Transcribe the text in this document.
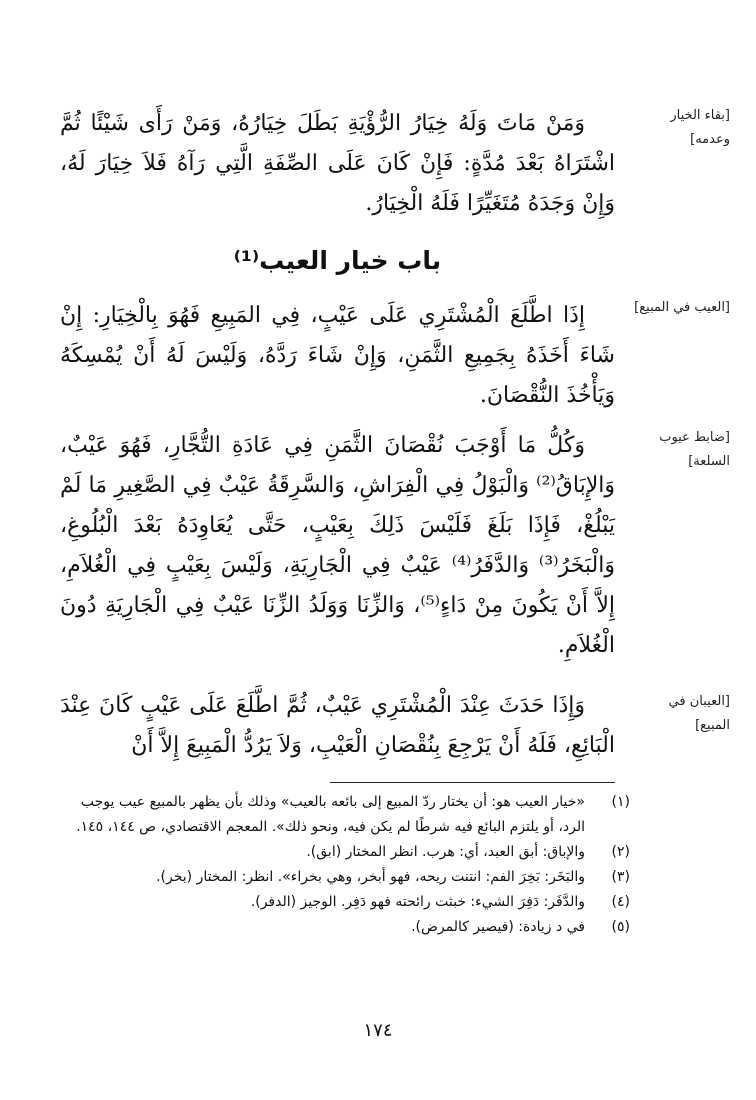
[بقاء الخيار وعدمه]
[العيب في المبيع]
[ضابط عيوب السلعة]
[العيبان في المبيع]

وَمَنْ مَاتَ وَلَهُ خِيَارُ الرُّؤْيَةِ بَطَلَ خِيَارُهُ، وَمَنْ رَأَى شَيْئًا ثُمَّ اشْتَرَاهُ بَعْدَ مُدَّةٍ: فَإِنْ كَانَ عَلَى الصِّفَةِ الَّتِي رَآهُ فَلاَ خِيَارَ لَهُ، وَإِنْ وَجَدَهُ مُتَغَيِّرًا فَلَهُ الْخِيَارُ.

باب خيار العيب⁽¹⁾

إِذَا اطَّلَعَ الْمُشْتَرِي عَلَى عَيْبٍ، فِي المَبِيعِ فَهُوَ بِالْخِيَارِ: إِنْ شَاءَ أَخَذَهُ بِجَمِيعِ الثَّمَنِ، وَإِنْ شَاءَ رَدَّهُ، وَلَيْسَ لَهُ أَنْ يُمْسِكَهُ وَيَأْخُذَ النُّقْصَانَ.

وَكُلُّ مَا أَوْجَبَ نُقْصَانَ الثَّمَنِ فِي عَادَةِ التُّجَّارِ، فَهُوَ عَيْبٌ، وَالإِبَاقُ⁽²⁾ وَالْبَوْلُ فِي الْفِرَاشِ، وَالسَّرِقَةُ عَيْبٌ فِي الصَّغِيرِ مَا لَمْ يَبْلُغْ، فَإِذَا بَلَغَ فَلَيْسَ ذَلِكَ بِعَيْبٍ، حَتَّى يُعَاوِدَهُ بَعْدَ الْبُلُوغِ، وَالْبَخَرُ⁽³⁾ وَالدَّفَرُ⁽⁴⁾ عَيْبٌ فِي الْجَارِيَةِ، وَلَيْسَ بِعَيْبٍ فِي الْغُلاَمِ، إِلاَّ أَنْ يَكُونَ مِنْ دَاءٍ⁽⁵⁾، وَالزِّنَا وَوَلَدُ الزِّنَا عَيْبٌ فِي الْجَارِيَةِ دُونَ الْغُلاَمِ.

وَإِذَا حَدَثَ عِنْدَ الْمُشْتَرِي عَيْبٌ، ثُمَّ اطَّلَعَ عَلَى عَيْبٍ كَانَ عِنْدَ الْبَائِعِ، فَلَهُ أَنْ يَرْجِعَ بِنُقْصَانِ الْعَيْبِ، وَلاَ يَرُدُّ الْمَبِيعَ إِلاَّ أَنْ

(١)
«خيار العيب هو: أن يختار ردّ المبيع إلى بائعه بالعيب» وذلك بأن يظهر بالمبيع عيب يوجب الرد، أو يلتزم البائع فيه شرطًا لم يكن فيه، ونحو ذلك». المعجم الاقتصادي، ص ١٤٤، ١٤٥.
(٢)
والإباق: أبق العبد، أي: هرب. انظر المختار (ابق).
(٣)
والبَخَر: بَخِرَ الفم: انتنت ريحه، فهو أبخر، وهي بخراء». انظر: المختار (بخر).
(٤)
والدَّفَر: دَفِرَ الشيء: خبثت رائحته فهو دَفِر. الوجيز (الدفر).
(٥)
في د زيادة: (فيصير كالمرض).
١٧٤
